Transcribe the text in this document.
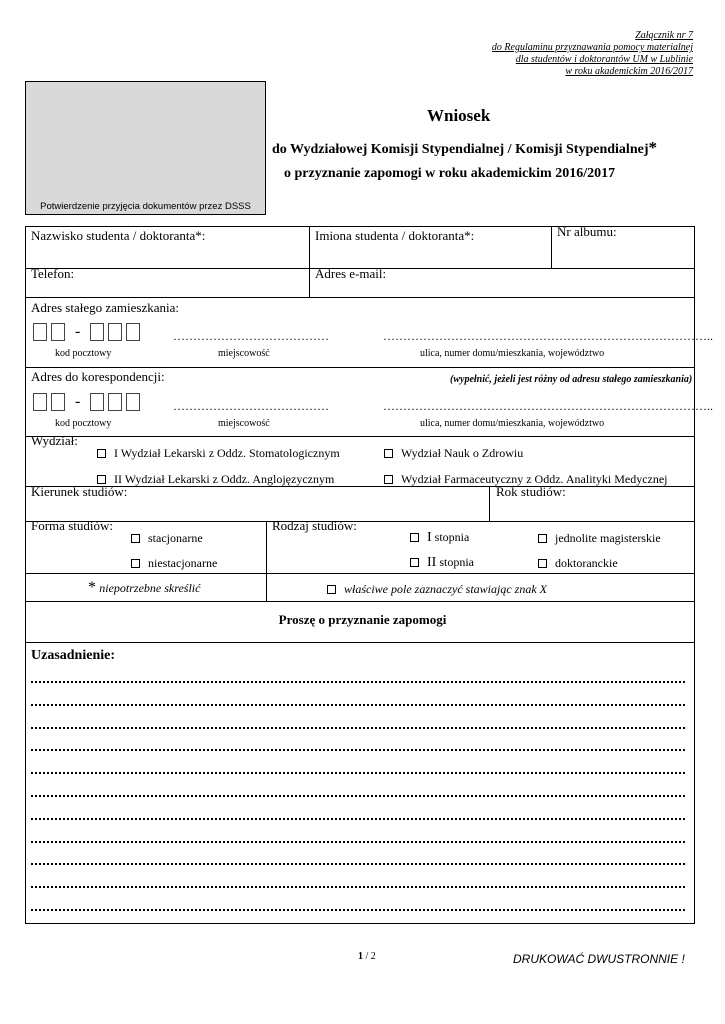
Załącznik nr 7
do Regulaminu przyznawania pomocy materialnej
dla studentów i doktorantów UM w Lublinie
w roku akademickim 2016/2017
Potwierdzenie przyjęcia dokumentów przez DSSS
Wniosek
do Wydziałowej Komisji Stypendialnej / Komisji Stypendialnej*
o przyznanie zapomogi w roku akademickim 2016/2017
Nazwisko studenta / doktoranta*:	Imiona studenta / doktoranta*:	Nr albumu:
Telefon:	Adres e-mail:
Adres stałego zamieszkania:
-	…………………………………	………………………………………………………………………..
kod pocztowy	miejscowość	ulica, numer domu/mieszkania, województwo
Adres do korespondencji:	(wypełnić, jeżeli jest różny od adresu stałego zamieszkania)
-	…………………………………	………………………………………………………………………..
kod pocztowy	miejscowość	ulica, numer domu/mieszkania, województwo
Wydział:
I Wydział Lekarski z Oddz. Stomatologicznym	Wydział Nauk o Zdrowiu
II Wydział Lekarski z Oddz. Anglojęzycznym	Wydział Farmaceutyczny z Oddz. Analityki Medycznej
Kierunek studiów:	Rok studiów:
Forma studiów:
stacjonarne
niestacjonarne
Rodzaj studiów:
I stopnia
II stopnia
jednolite magisterskie
doktoranckie
* niepotrzebne skreślić	właściwe pole zaznaczyć stawiając znak X
Proszę o przyznanie zapomogi
Uzasadnienie:
1 / 2	DRUKOWAĆ DWUSTRONNIE !
